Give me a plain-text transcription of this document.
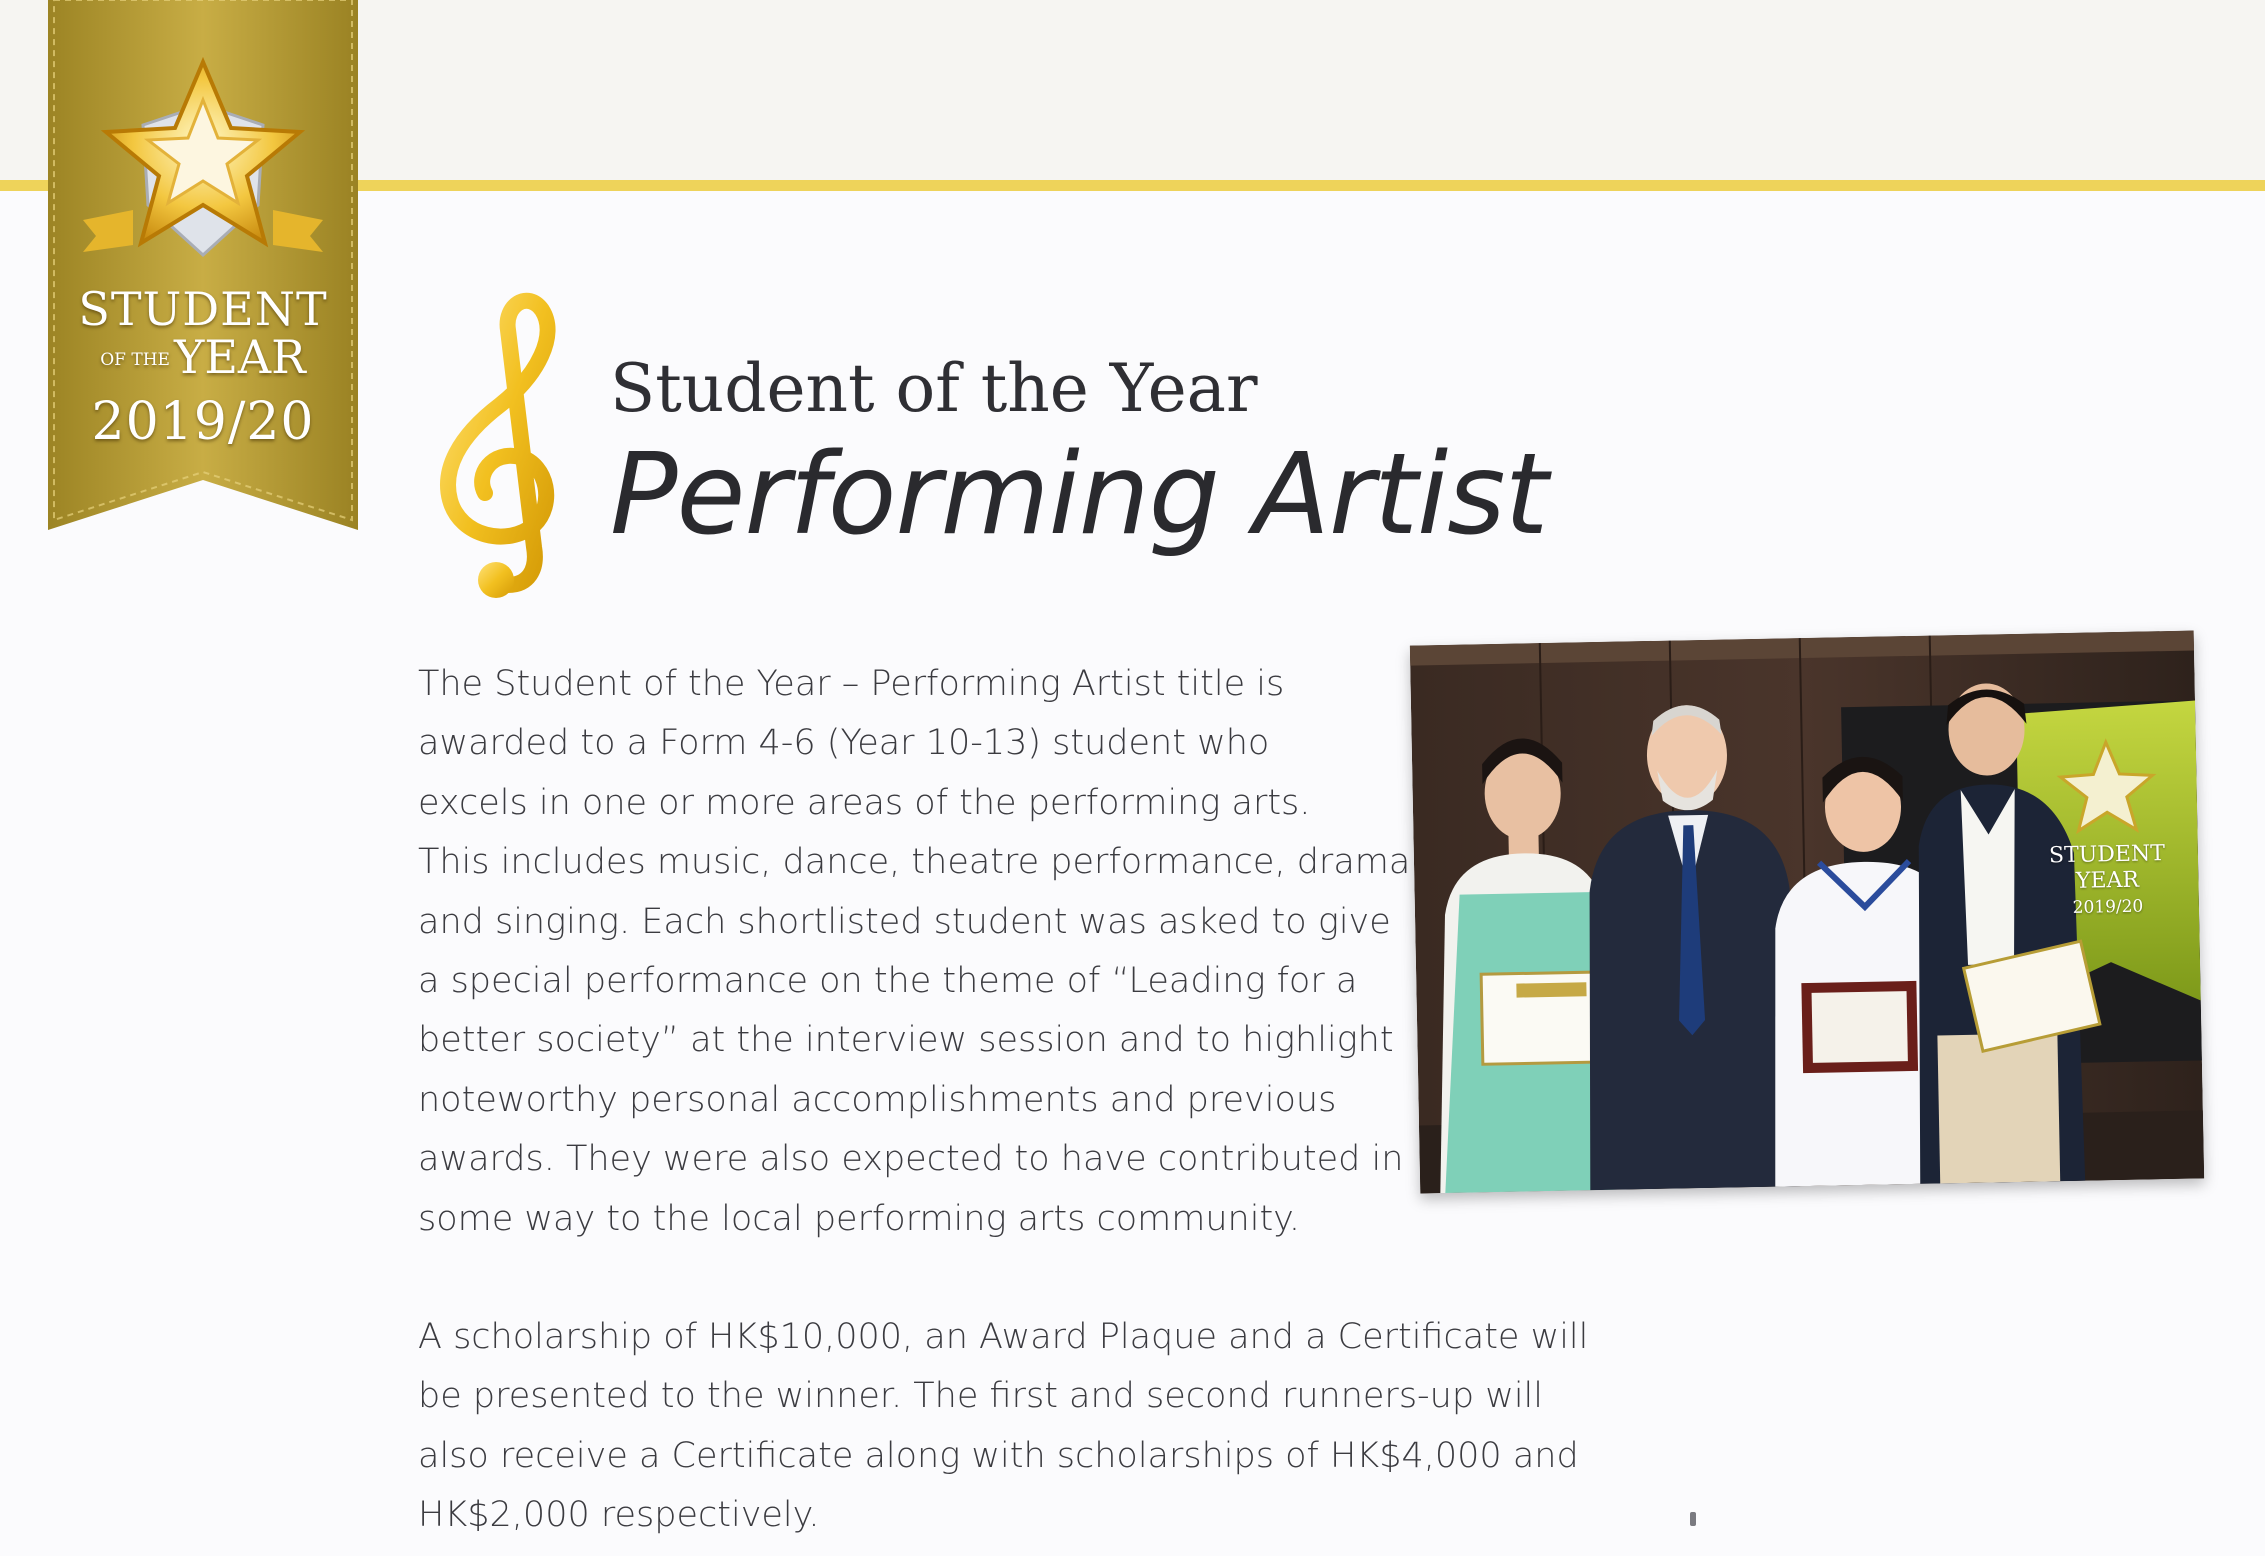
STUDENT
OF THEYEAR
2019/20	Student of the Year
Performing Artist
The Student of the Year – Performing Artist title is
awarded to a Form 4-6 (Year 10-13) student who
excels in one or more areas of the performing arts.
This includes music, dance, theatre performance, drama
and singing. Each shortlisted student was asked to give
a special performance on the theme of “Leading for a
better society” at the interview session and to highlight
noteworthy personal accomplishments and previous
awards. They were also expected to have contributed in
some way to the local performing arts community.
A scholarship of HK$10,000, an Award Plaque and a Certificate will
be presented to the winner. The first and second runners-up will
also receive a Certificate along with scholarships of HK$4,000 and
HK$2,000 respectively.
STUDENT
YEAR
2019/20
